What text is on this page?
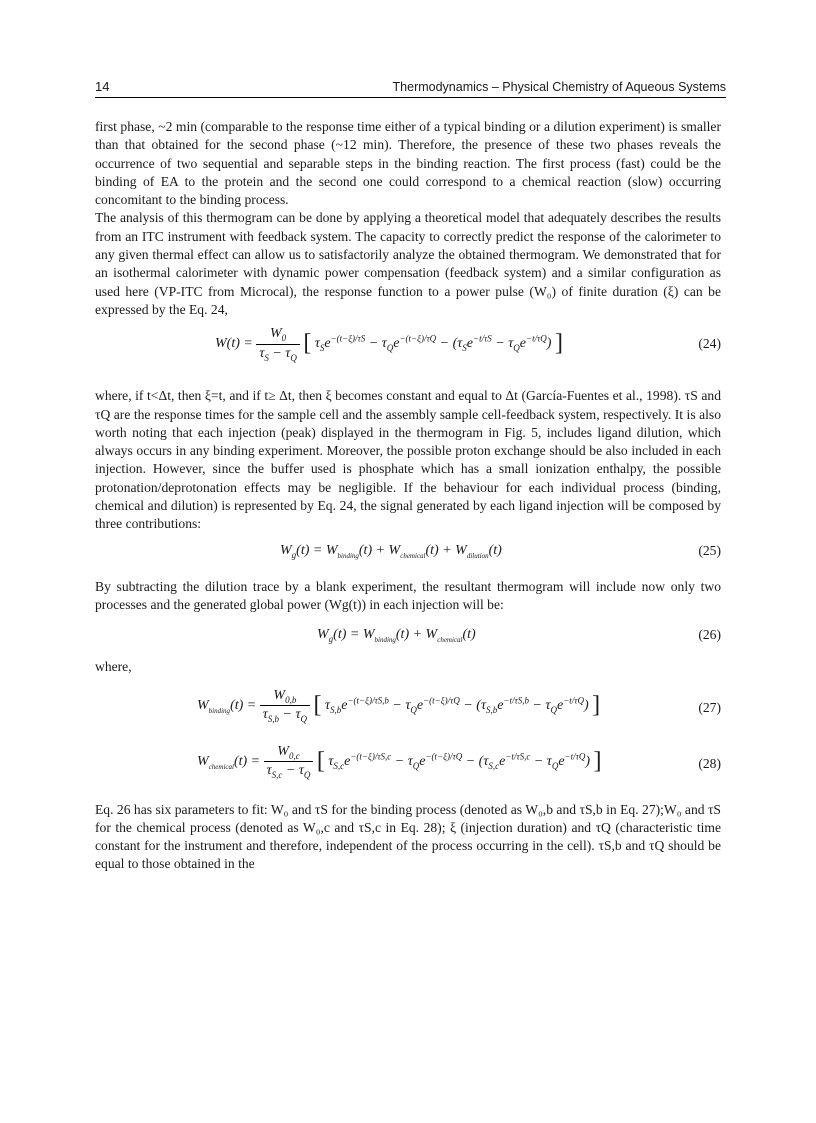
14	Thermodynamics – Physical Chemistry of Aqueous Systems

first phase, ~2 min (comparable to the response time either of a typical binding or a dilution experiment) is smaller than that obtained for the second phase (~12 min). Therefore, the presence of these two phases reveals the occurrence of two sequential and separable steps in the binding reaction. The first process (fast) could be the binding of EA to the protein and the second one could correspond to a chemical reaction (slow) occurring concomitant to the binding process.

The analysis of this thermogram can be done by applying a theoretical model that adequately describes the results from an ITC instrument with feedback system. The capacity to correctly predict the response of the calorimeter to any given thermal effect can allow us to satisfactorily analyze the obtained thermogram. We demonstrated that for an isothermal calorimeter with dynamic power compensation (feedback system) and a similar configuration as used here (VP-ITC from Microcal), the response function to a power pulse (W₀) of finite duration (ξ) can be expressed by the Eq. 24,

$W(t) = \frac{W_0}{\tau_S - \tau_Q}$ [ $\tau_Se^{-(t-\xi)/\tau S} - \tau_Qe^{-(t-\xi)/\tau Q} - (\tau_Se^{-t/\tau S} - \tau_Qe^{-t/\tau Q})$ ]	(24)

where, if t<Δt, then ξ=t, and if t≥ Δt, then ξ becomes constant and equal to Δt (García-Fuentes et al., 1998). τS and τQ are the response times for the sample cell and the assembly sample cell-feedback system, respectively. It is also worth noting that each injection (peak) displayed in the thermogram in Fig. 5, includes ligand dilution, which always occurs in any binding experiment. Moreover, the possible proton exchange should be also included in each injection. However, since the buffer used is phosphate which has a small ionization enthalpy, the possible protonation/deprotonation effects may be negligible. If the behaviour for each individual process (binding, chemical and dilution) is represented by Eq. 24, the signal generated by each ligand injection will be composed by three contributions:

$W_g(t) = W_{binding}(t) + W_{chemical}(t) + W_{dilution}(t)$	(25)

By subtracting the dilution trace by a blank experiment, the resultant thermogram will include now only two processes and the generated global power (Wg(t)) in each injection will be:

$W_g(t) = W_{binding}(t) + W_{chemical}(t)$	(26)

where,

$W_{binding}(t) = \frac{W_{0,b}}{\tau_{S,b} - \tau_Q}$ [ $\tau_{S,b}e^{-(t-\xi)/\tau S,b} - \tau_Qe^{-(t-\xi)/\tau Q} - (\tau_{S,b}e^{-t/\tau S,b} - \tau_Qe^{-t/\tau Q})$ ]	(27)
$W_{chemical}(t) = \frac{W_{0,c}}{\tau_{S,c} - \tau_Q}$ [ $\tau_{S,c}e^{-(t-\xi)/\tau S,c} - \tau_Qe^{-(t-\xi)/\tau Q} - (\tau_{S,c}e^{-t/\tau S,c} - \tau_Qe^{-t/\tau Q})$ ]	(28)

Eq. 26 has six parameters to fit: W₀ and τS for the binding process (denoted as W₀,b and τS,b in Eq. 27);W₀ and τS for the chemical process (denoted as W₀,c and τS,c in Eq. 28); ξ (injection duration) and τQ (characteristic time constant for the instrument and therefore, independent of the process occurring in the cell). τS,b and τQ should be equal to those obtained in the
